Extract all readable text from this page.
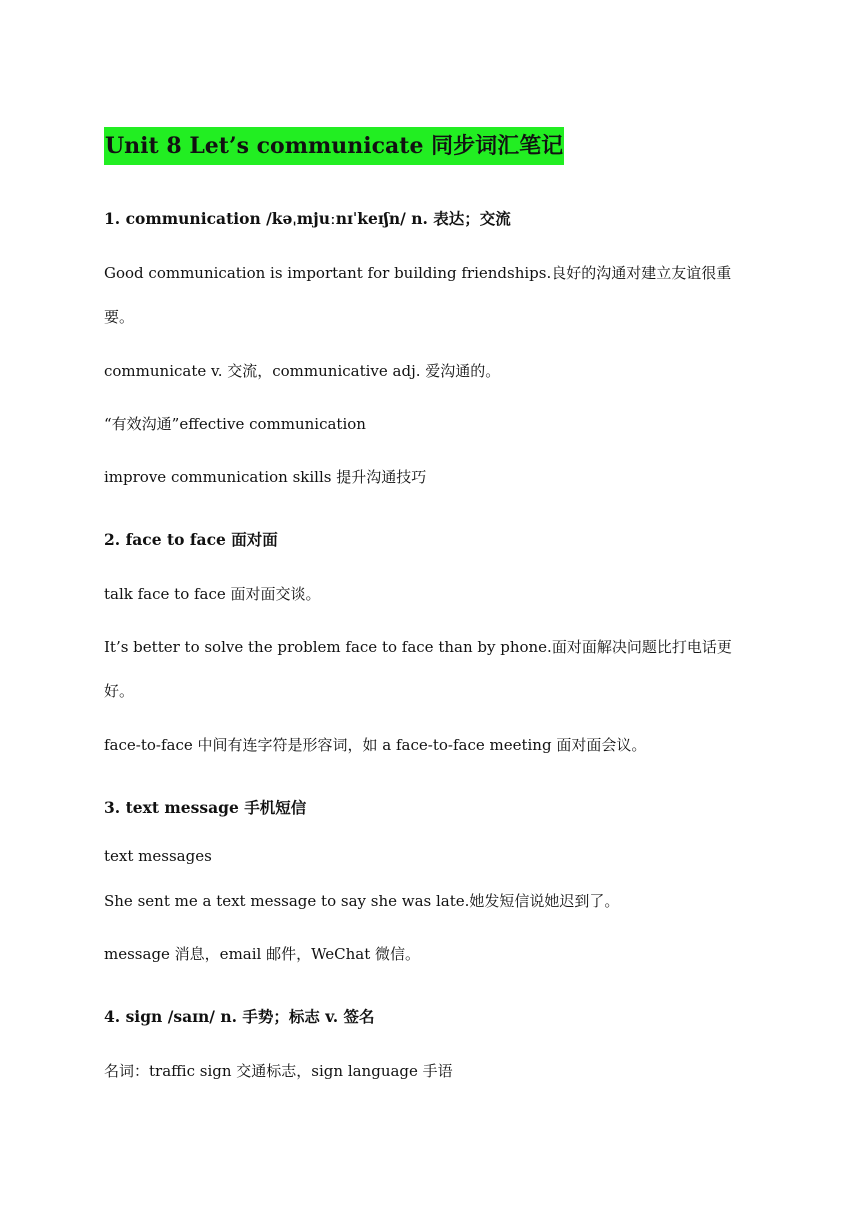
Unit 8 Let’s communicate 同步词汇笔记
1. communication /kəˌmjuːnɪˈkeɪʃn/ n. 表达；交流
Good communication is important for building friendships.良好的沟通对建立友谊很重要。
communicate v. 交流，communicative adj. 爱沟通的。
“有效沟通”effective communication
improve communication skills 提升沟通技巧
2. face to face 面对面
talk face to face 面对面交谈。
It’s better to solve the problem face to face than by phone.面对面解决问题比打电话更好。
face-to-face 中间有连字符是形容词，如 a face-to-face meeting 面对面会议。
3. text message 手机短信
text messages
She sent me a text message to say she was late.她发短信说她迟到了。
message 消息，email 邮件，WeChat 微信。
4. sign /saɪn/ n. 手势；标志 v. 签名
名词：traffic sign 交通标志，sign language 手语
